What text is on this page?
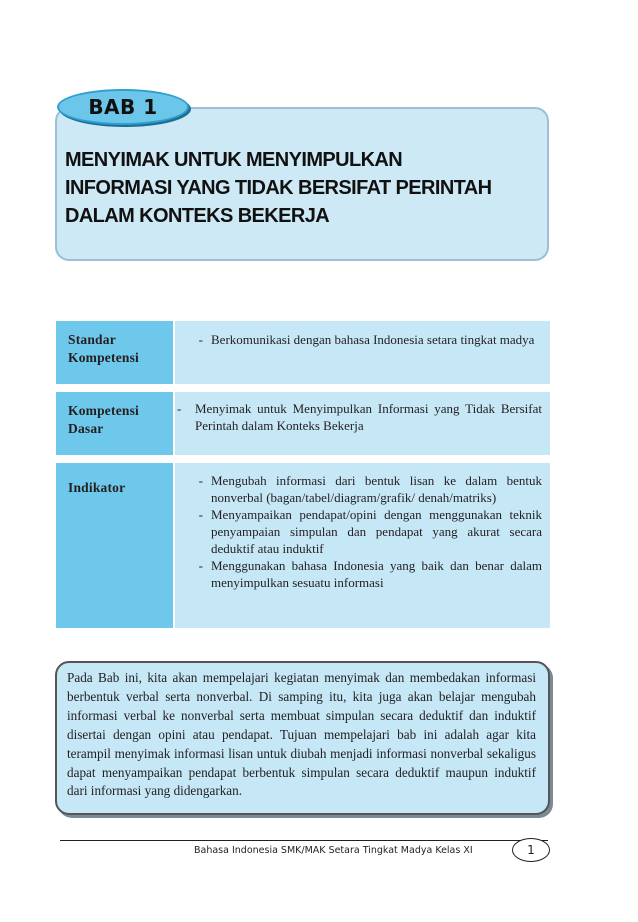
BAB 1
MENYIMAK UNTUK MENYIMPULKAN
INFORMASI YANG TIDAK BERSIFAT PERINTAH
DALAM KONTEKS BEKERJA
Standar
Kompetensi
- Berkomunikasi dengan bahasa Indonesia setara tingkat madya
Kompetensi
Dasar
-	Menyimak untuk Menyimpulkan Informasi yang Tidak Bersifat Perintah dalam Konteks Bekerja
Indikator	- Mengubah informasi dari bentuk lisan ke dalam bentuk nonverbal (bagan/tabel/diagram/grafik/ denah/matriks)
- Menyampaikan pendapat/opini dengan menggunakan teknik penyampaian simpulan dan pendapat yang akurat secara deduktif atau induktif
- Menggunakan bahasa Indonesia yang baik dan benar dalam menyimpulkan sesuatu informasi
Pada Bab ini, kita akan mempelajari kegiatan menyimak dan membedakan informasi berbentuk verbal serta nonverbal. Di samping itu, kita juga akan belajar mengubah informasi verbal ke nonverbal serta membuat simpulan secara deduktif dan induktif disertai dengan opini atau pendapat. Tujuan mempelajari bab ini adalah agar kita terampil menyimak informasi lisan untuk diubah menjadi informasi nonverbal sekaligus dapat menyampaikan pendapat berbentuk simpulan secara deduktif maupun induktif dari informasi yang didengarkan.
Bahasa Indonesia SMK/MAK Setara Tingkat Madya Kelas XI	1
